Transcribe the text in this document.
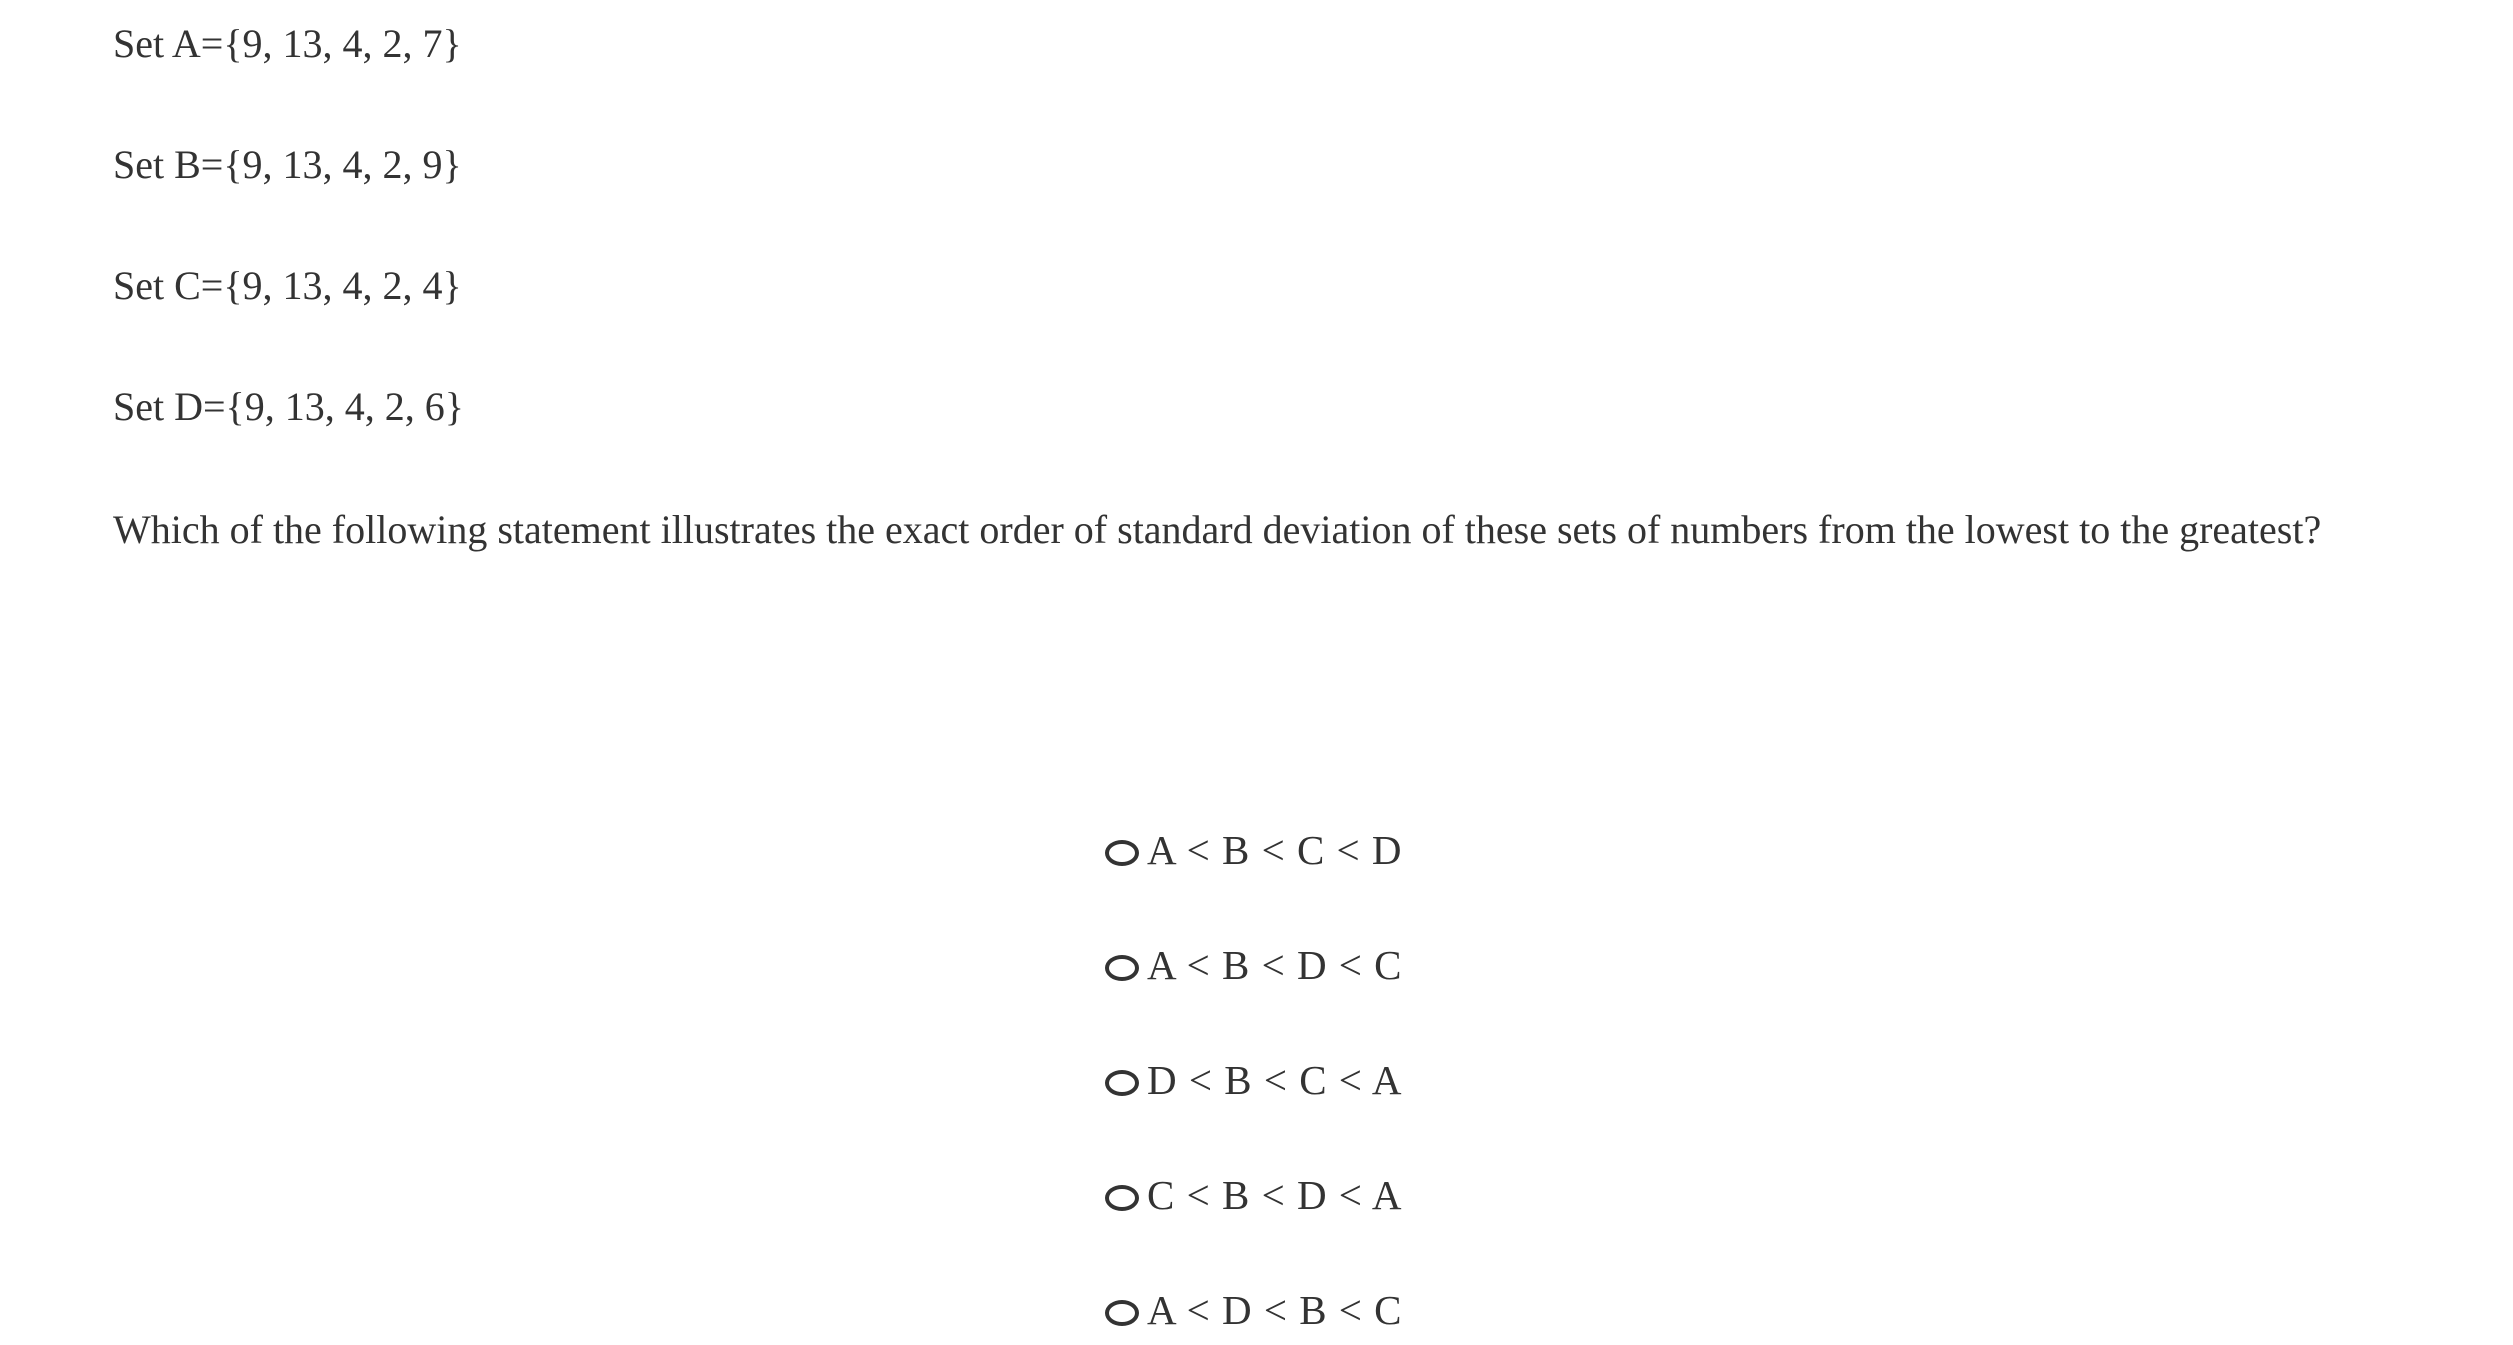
Set A={9, 13, 4, 2, 7}

Set B={9, 13, 4, 2, 9}

Set C={9, 13, 4, 2, 4}

Set D={9, 13, 4, 2, 6}

Which of the following statement illustrates the exact order of standard deviation of these sets of numbers from the lowest to the greatest?

A < B < C < D
A < B < D < C
D < B < C < A
C < B < D < A
A < D < B < C
